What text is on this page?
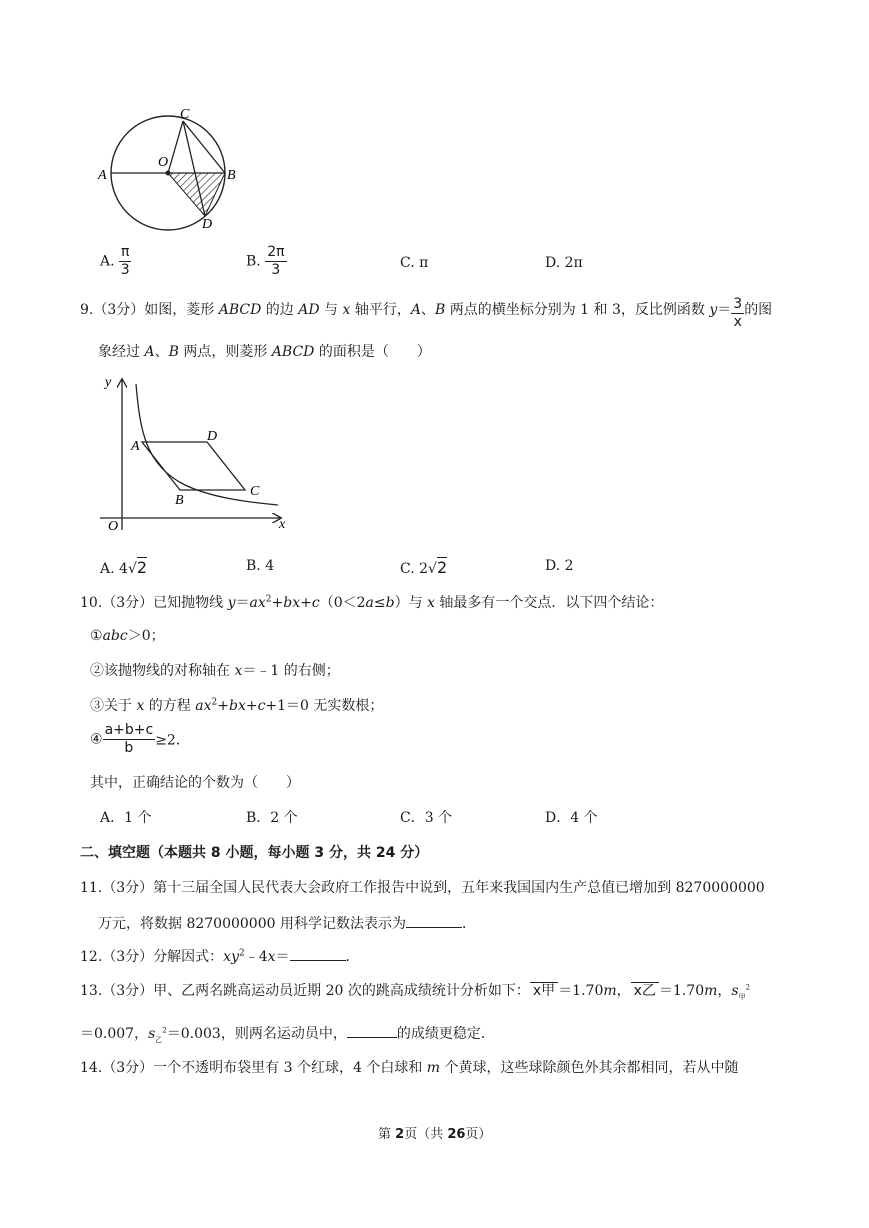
A
O
C
B
D
A. $\frac{\pi}{3}$	B. $\frac{2\pi}{3}$	C. π	D. 2π
9.（3分）如图，菱形 ABCD 的边 AD 与 x 轴平行，A、B 两点的横坐标分别为 1 和 3，反比例函数 $y= \frac{3}{x}$ 的图
象经过 A、B 两点，则菱形 ABCD 的面积是（　　）
y
x
O
A
D
B
C
A. 4√2	B. 4	C. 2√2	D. 2
10.（3分）已知抛物线 $y=ax^2+bx+c(0<2a\le b)$与 x 轴最多有一个交点．以下四个结论：
①abc＞0；
②该抛物线的对称轴在 x＝﹣1 的右侧；
③关于 x 的方程 $ax^2+bx+c+1=0$ 无实数根；
④ $\frac{a+b+c}{b} \ge 2$．
其中，正确结论的个数为（　　）
A．1 个	B．2 个	C．3 个	D．4 个
二、填空题（本题共 8 小题，每小题 3 分，共 24 分）
11.（3分）第十三届全国人民代表大会政府工作报告中说到，五年来我国国内生产总值已增加到 8270000000
万元，将数据 8270000000 用科学记数法表示为	．
12.（3分）分解因式：$xy^2﹣4x=$	．
13.（3分）甲、乙两名跳高运动员近期 20 次的跳高成绩统计分析如下： x甲 ＝1.70m， x乙 ＝1.70m，$s_甲^2$
＝0.007，$s_乙^2=0.003$，则两名运动员中，	的成绩更稳定．
14.（3分）一个不透明布袋里有 3 个红球，4 个白球和 m 个黄球，这些球除颜色外其余都相同，若从中随
第 2页（共 26页）
